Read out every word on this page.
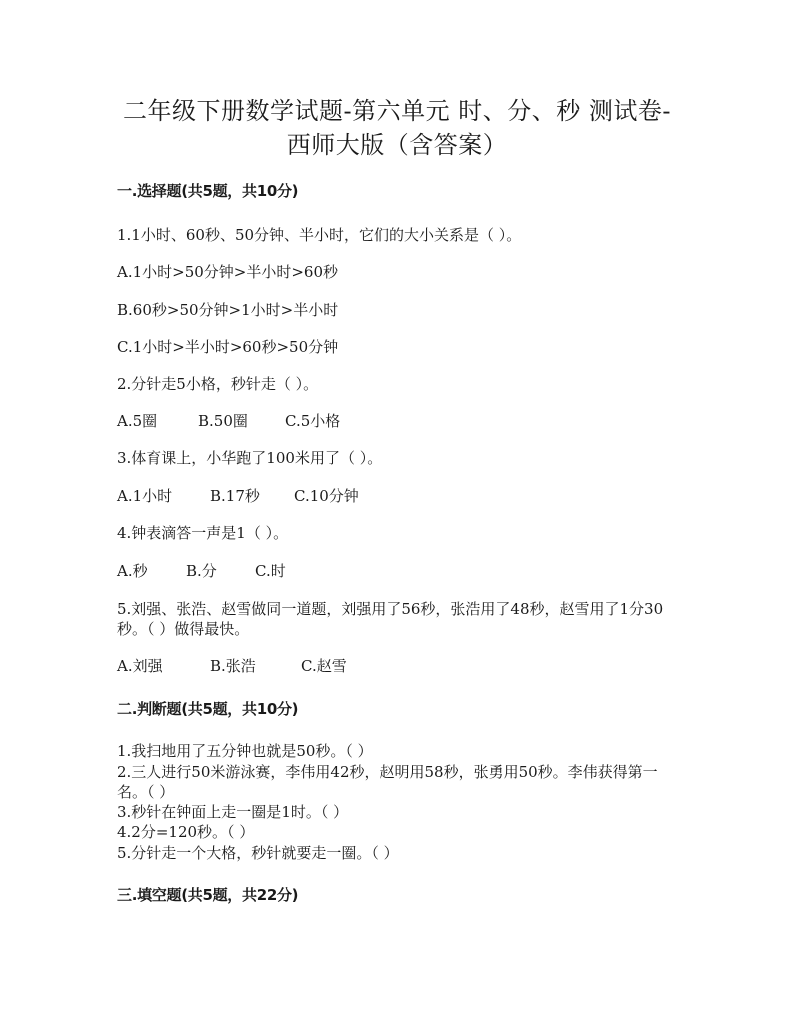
二年级下册数学试题-第六单元 时、分、秒 测试卷-
西师大版（含答案）
一.选择题(共5题，共10分)
1.1小时、60秒、50分钟、半小时，它们的大小关系是（ ）。
A.1小时>50分钟>半小时>60秒
B.60秒>50分钟>1小时>半小时
C.1小时>半小时>60秒>50分钟
2.分针走5小格，秒针走（ ）。
A.5圈	B.50圈 C.5小格
3.体育课上，小华跑了100米用了（ ）。
A.1小时	B.17秒 C.10分钟
4.钟表滴答一声是1（ ）。
A.秒	B.分	C.时
5.刘强、张浩、赵雪做同一道题，刘强用了56秒，张浩用了48秒，赵雪用了1分30秒。（ ）做得最快。
A.刘强	B.张浩	C.赵雪
二.判断题(共5题，共10分)
1.我扫地用了五分钟也就是50秒。（ ）
2.三人进行50米游泳赛，李伟用42秒，赵明用58秒，张勇用50秒。李伟获得第一名。（ ）
3.秒针在钟面上走一圈是1时。（ ）
4.2分=120秒。（ ）
5.分针走一个大格，秒针就要走一圈。（ ）
三.填空题(共5题，共22分)
